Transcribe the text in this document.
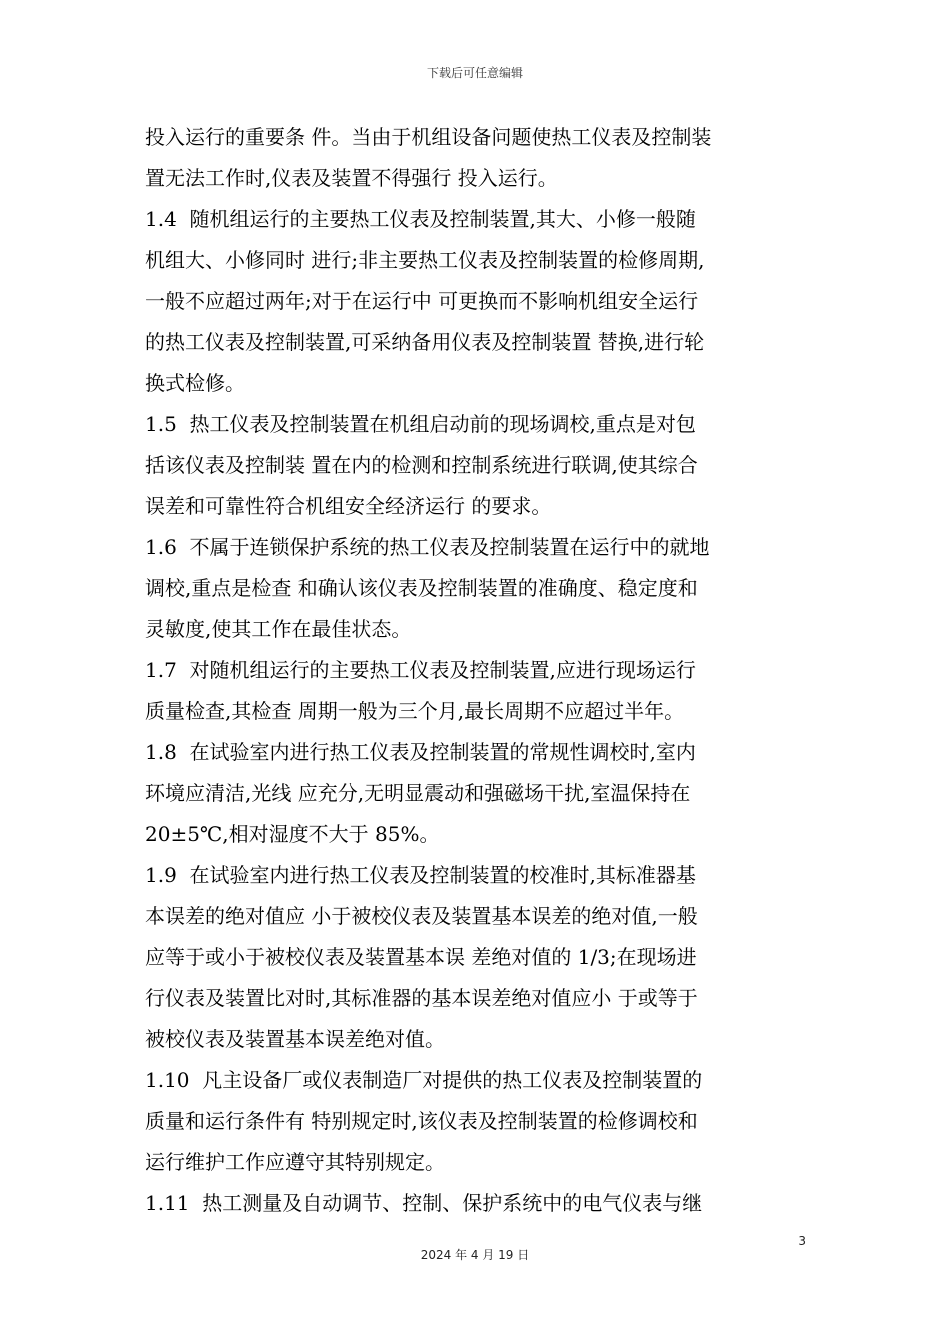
下载后可任意编辑
投入运行的重要条 件。当由于机组设备问题使热工仪表及控制装
置无法工作时,仪表及装置不得强行 投入运行。
1.4  随机组运行的主要热工仪表及控制装置,其大、小修一般随
机组大、小修同时 进行;非主要热工仪表及控制装置的检修周期,
一般不应超过两年;对于在运行中 可更换而不影响机组安全运行
的热工仪表及控制装置,可采纳备用仪表及控制装置 替换,进行轮
换式检修。
1.5  热工仪表及控制装置在机组启动前的现场调校,重点是对包
括该仪表及控制装 置在内的检测和控制系统进行联调,使其综合
误差和可靠性符合机组安全经济运行 的要求。
1.6  不属于连锁保护系统的热工仪表及控制装置在运行中的就地
调校,重点是检查 和确认该仪表及控制装置的准确度、稳定度和
灵敏度,使其工作在最佳状态。
1.7  对随机组运行的主要热工仪表及控制装置,应进行现场运行
质量检查,其检查 周期一般为三个月,最长周期不应超过半年。
1.8  在试验室内进行热工仪表及控制装置的常规性调校时,室内
环境应清洁,光线 应充分,无明显震动和强磁场干扰,室温保持在
20±5℃,相对湿度不大于 85%。
1.9  在试验室内进行热工仪表及控制装置的校准时,其标准器基
本误差的绝对值应 小于被校仪表及装置基本误差的绝对值,一般
应等于或小于被校仪表及装置基本误 差绝对值的 1/3;在现场进
行仪表及装置比对时,其标准器的基本误差绝对值应小 于或等于
被校仪表及装置基本误差绝对值。
1.10  凡主设备厂或仪表制造厂对提供的热工仪表及控制装置的
质量和运行条件有 特别规定时,该仪表及控制装置的检修调校和
运行维护工作应遵守其特别规定。
1.11  热工测量及自动调节、控制、保护系统中的电气仪表与继
3
2024 年 4 月 19 日
